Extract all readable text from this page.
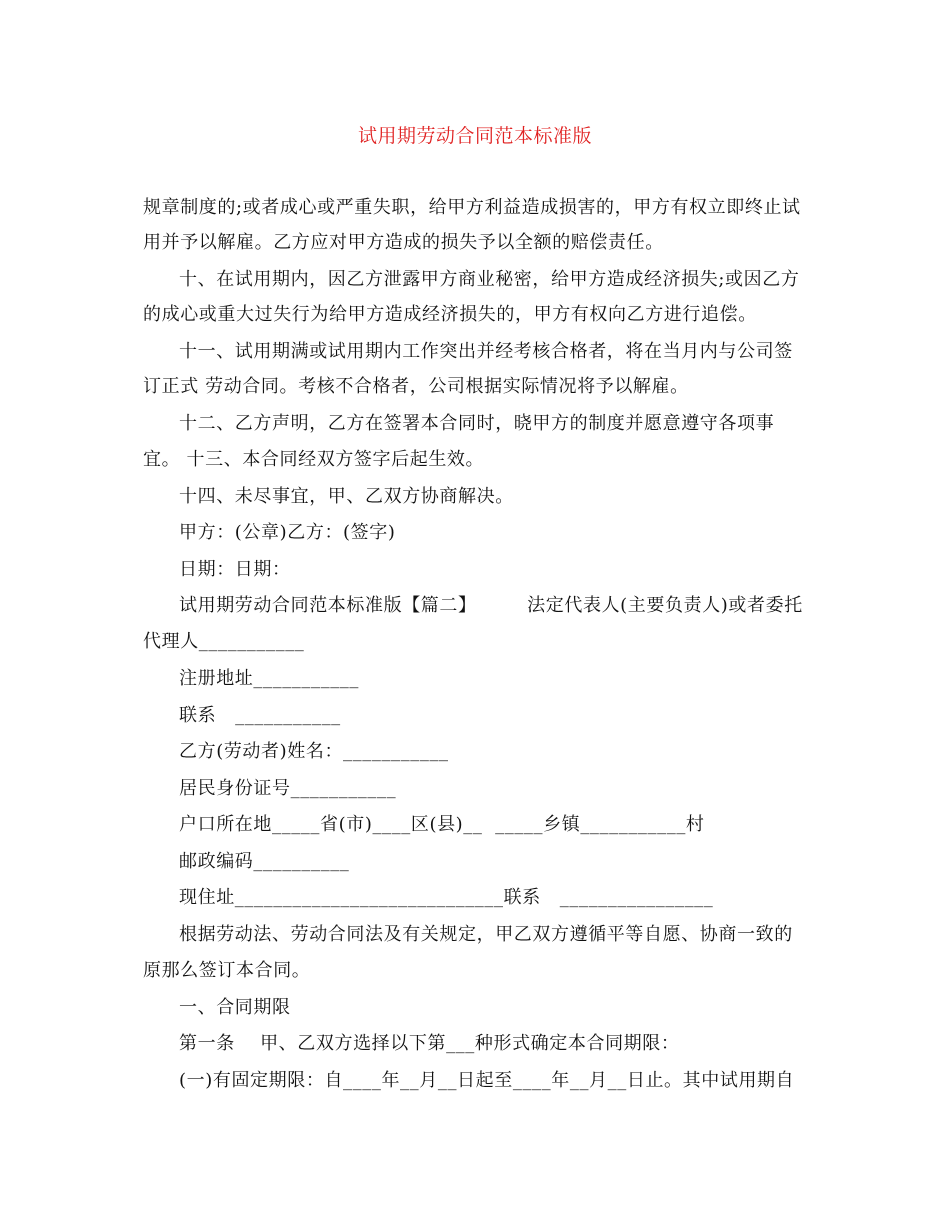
试用期劳动合同范本标准版
规章制度的;或者成心或严重失职，给甲方利益造成损害的，甲方有权立即终止试
用并予以解雇。乙方应对甲方造成的损失予以全额的赔偿责任。
十、在试用期内，因乙方泄露甲方商业秘密，给甲方造成经济损失;或因乙方
的成心或重大过失行为给甲方造成经济损失的，甲方有权向乙方进行追偿。
十一、试用期满或试用期内工作突出并经考核合格者，将在当月内与公司签
订正式 劳动合同。考核不合格者，公司根据实际情况将予以解雇。
十二、乙方声明，乙方在签署本合同时，晓甲方的制度并愿意遵守各项事
宜。 十三、本合同经双方签字后起生效。
十四、未尽事宜，甲、乙双方协商解决。
甲方：(公章)乙方：(签字)
日期：日期：
试用期劳动合同范本标准版【篇二】        法定代表人(主要负责人)或者委托
代理人___________
注册地址___________
联系   ___________
乙方(劳动者)姓名：___________
居民身份证号___________
户口所在地_____省(市)____区(县)__  _____乡镇___________村
邮政编码__________
现住址____________________________联系   ________________
根据劳动法、劳动合同法及有关规定，甲乙双方遵循平等自愿、协商一致的
原那么签订本合同。
一、合同期限
第一条    甲、乙双方选择以下第___种形式确定本合同期限：
(一)有固定期限：自____年__月__日起至____年__月__日止。其中试用期自
